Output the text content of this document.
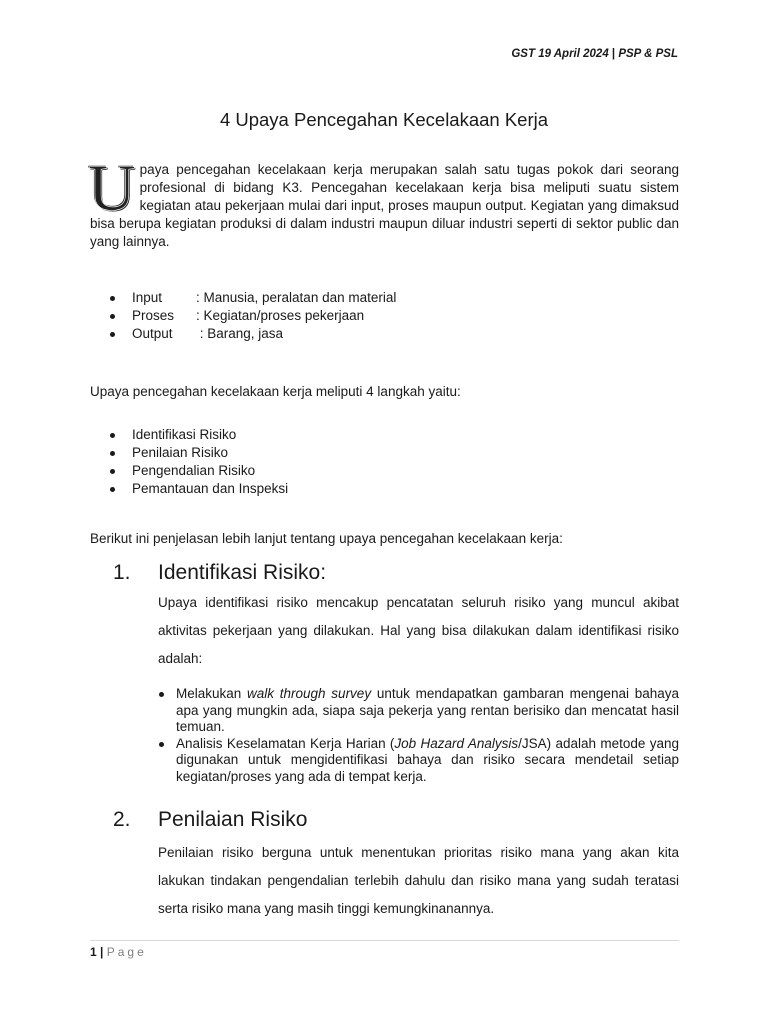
GST 19 April 2024 | PSP & PSL
4 Upaya Pencegahan Kecelakaan Kerja

Upaya pencegahan kecelakaan kerja merupakan salah satu tugas pokok dari seorang profesional di bidang K3. Pencegahan kecelakaan kerja bisa meliputi suatu sistem kegiatan atau pekerjaan mulai dari input, proses maupun output. Kegiatan yang dimaksud bisa berupa kegiatan produksi di dalam industri maupun diluar industri seperti di sektor public dan yang lainnya.

Input	: Manusia, peralatan dan material
Proses : Kegiatan/proses pekerjaan
Output : Barang, jasa

Upaya pencegahan kecelakaan kerja meliputi 4 langkah yaitu:

Identifikasi Risiko
Penilaian Risiko
Pengendalian Risiko
Pemantauan dan Inspeksi

Berikut ini penjelasan lebih lanjut tentang upaya pencegahan kecelakaan kerja:

1. Identifikasi Risiko:

Upaya identifikasi risiko mencakup pencatatan seluruh risiko yang muncul akibat aktivitas pekerjaan yang dilakukan. Hal yang bisa dilakukan dalam identifikasi risiko adalah:

Melakukan walk through survey untuk mendapatkan gambaran mengenai bahaya apa yang mungkin ada, siapa saja pekerja yang rentan berisiko dan mencatat hasil temuan.
Analisis Keselamatan Kerja Harian (Job Hazard Analysis/JSA) adalah metode yang digunakan untuk mengidentifikasi bahaya dan risiko secara mendetail setiap kegiatan/proses yang ada di tempat kerja.
2. Penilaian Risiko

Penilaian risiko berguna untuk menentukan prioritas risiko mana yang akan kita lakukan tindakan pengendalian terlebih dahulu dan risiko mana yang sudah teratasi serta risiko mana yang masih tinggi kemungkinanannya.

1 | Page
